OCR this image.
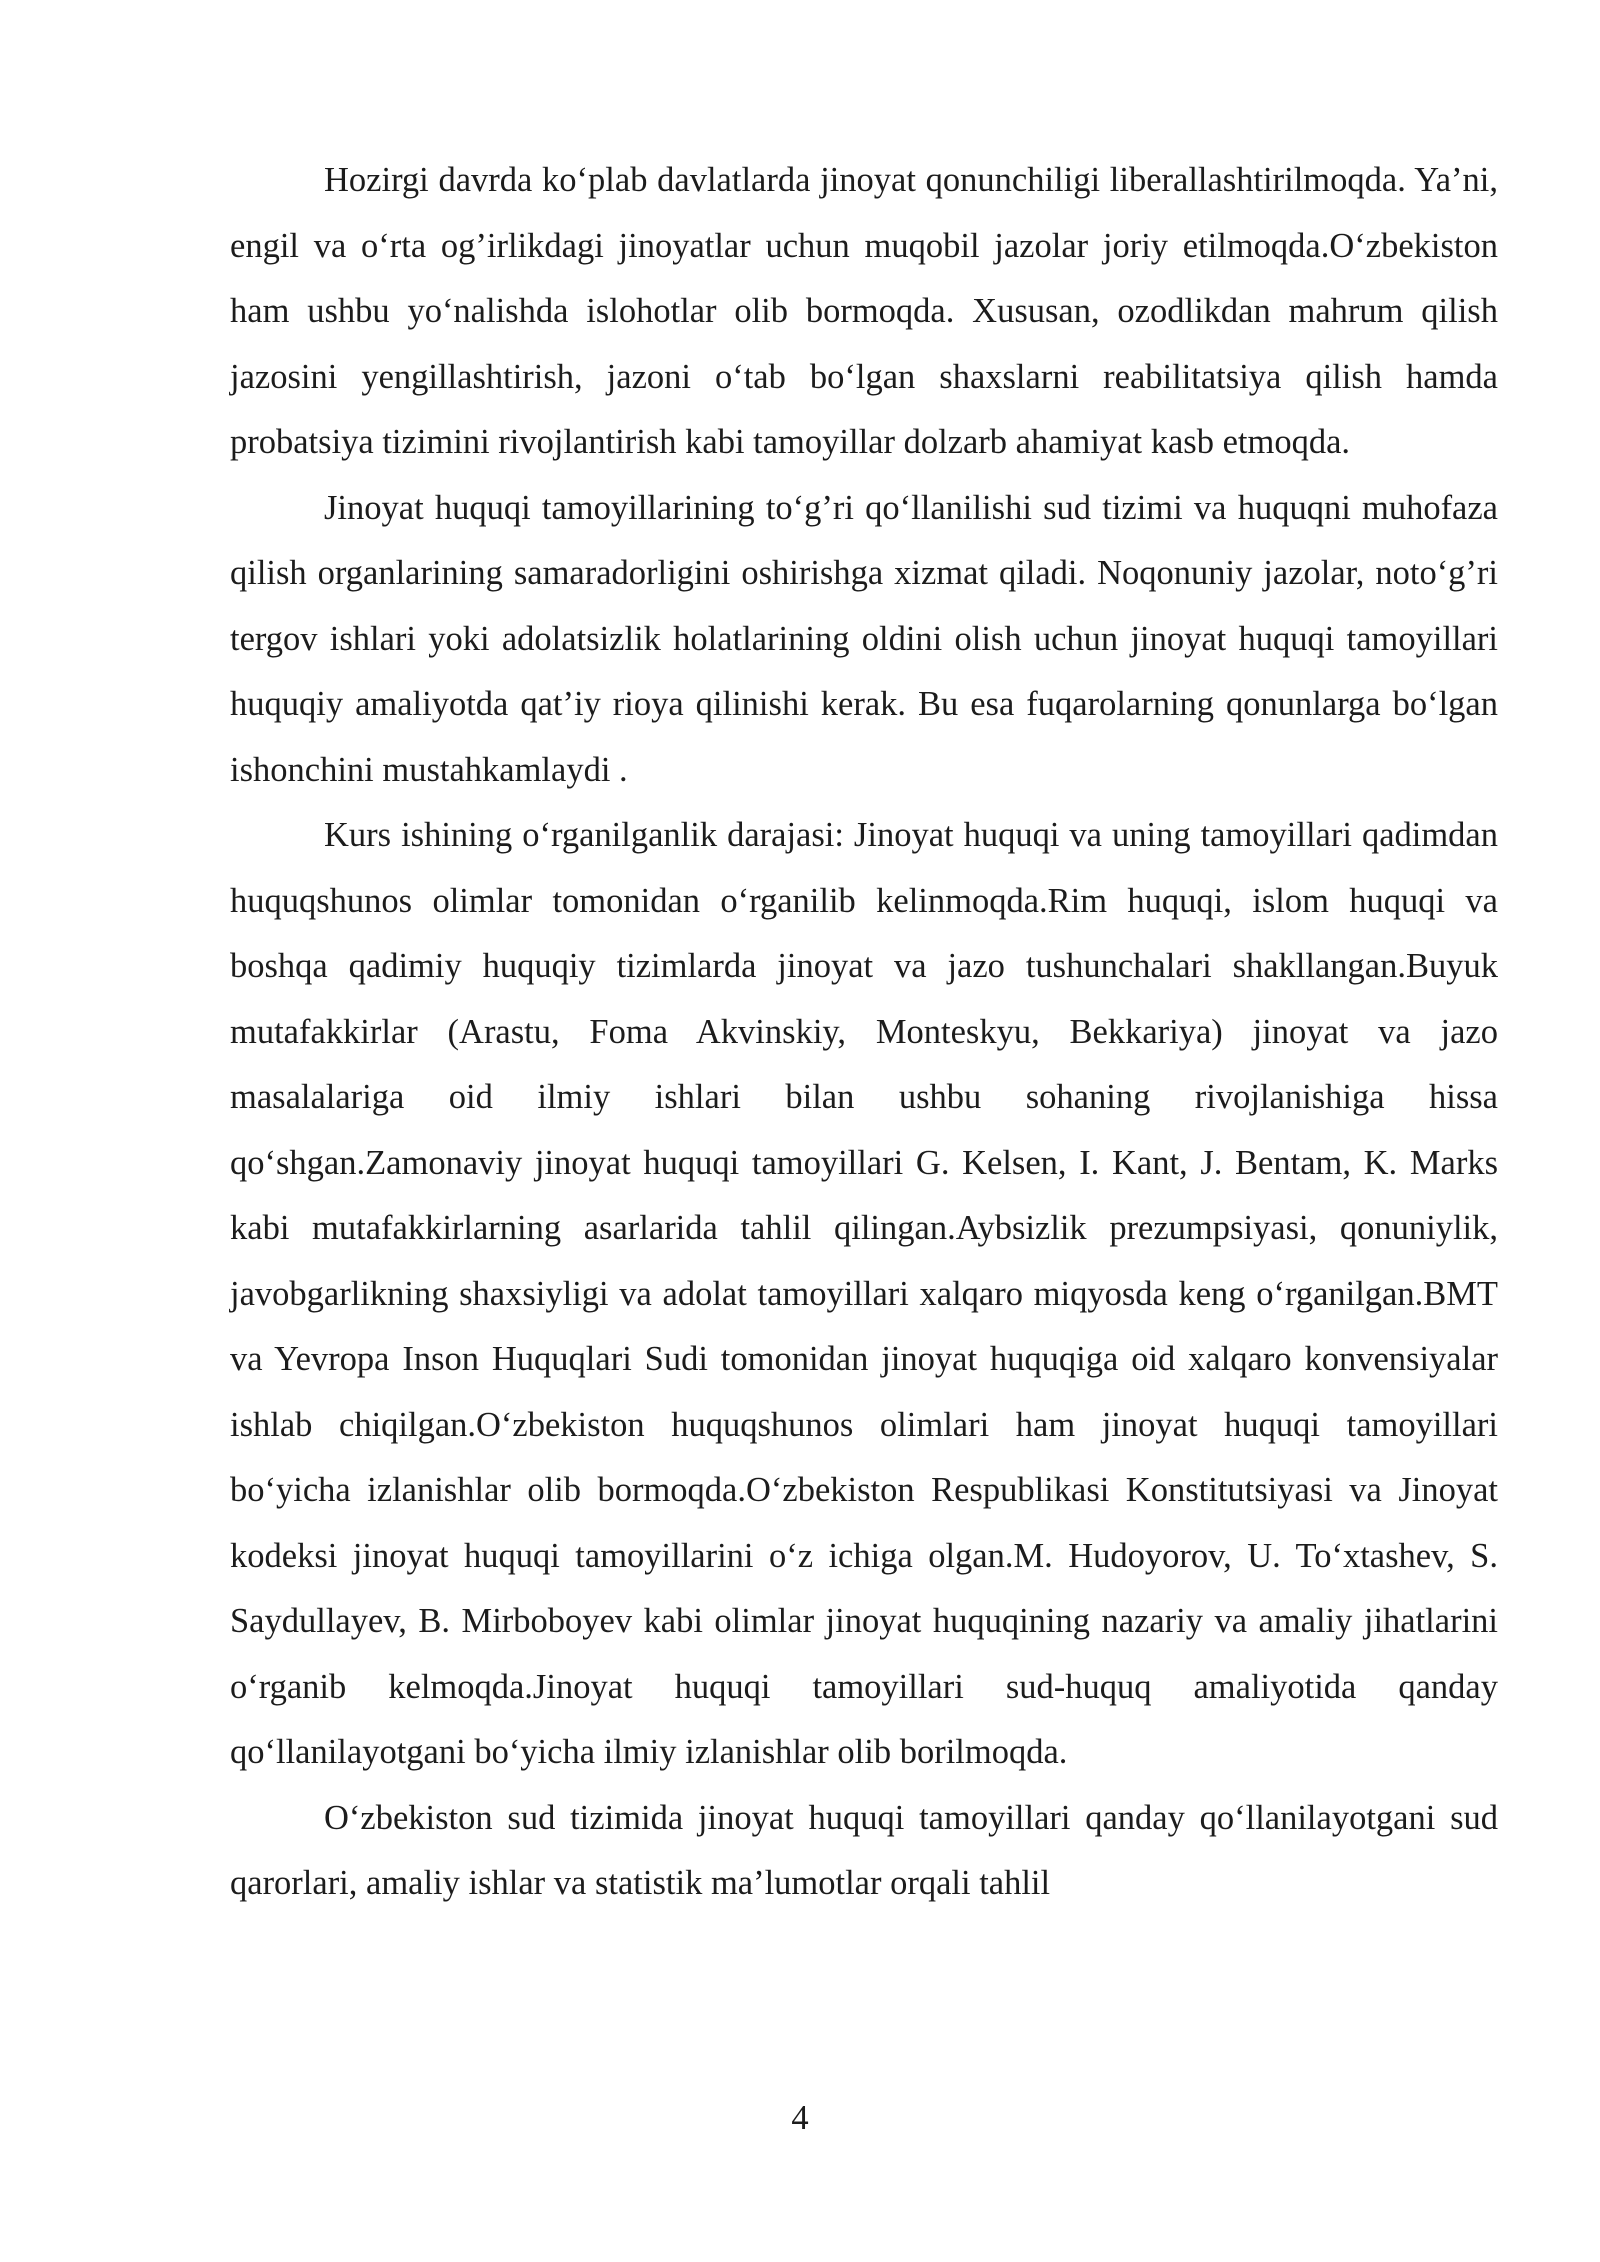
Hozirgi davrda ko‘plab davlatlarda jinoyat qonunchiligi liberallashtirilmoqda. Ya’ni, engil va o‘rta og’irlikdagi jinoyatlar uchun muqobil jazolar joriy etilmoqda.O‘zbekiston ham ushbu yo‘nalishda islohotlar olib bormoqda. Xususan, ozodlikdan mahrum qilish jazosini yengillashtirish, jazoni o‘tab bo‘lgan shaxslarni reabilitatsiya qilish hamda probatsiya tizimini rivojlantirish kabi tamoyillar dolzarb ahamiyat kasb etmoqda.

Jinoyat huquqi tamoyillarining to‘g’ri qo‘llanilishi sud tizimi va huquqni muhofaza qilish organlarining samaradorligini oshirishga xizmat qiladi. Noqonuniy jazolar, noto‘g’ri tergov ishlari yoki adolatsizlik holatlarining oldini olish uchun jinoyat huquqi tamoyillari huquqiy amaliyotda qat’iy rioya qilinishi kerak. Bu esa fuqarolarning qonunlarga bo‘lgan ishonchini mustahkamlaydi .

Kurs ishining o‘rganilganlik darajasi: Jinoyat huquqi va uning tamoyillari qadimdan huquqshunos olimlar tomonidan o‘rganilib kelinmoqda.Rim huquqi, islom huquqi va boshqa qadimiy huquqiy tizimlarda jinoyat va jazo tushunchalari shakllangan.Buyuk mutafakkirlar (Arastu, Foma Akvinskiy, Monteskyu, Bekkariya) jinoyat va jazo masalalariga oid ilmiy ishlari bilan ushbu sohaning rivojlanishiga hissa qo‘shgan.Zamonaviy jinoyat huquqi tamoyillari G. Kelsen, I. Kant, J. Bentam, K. Marks kabi mutafakkirlarning asarlarida tahlil qilingan.Aybsizlik prezumpsiyasi, qonuniylik, javobgarlikning shaxsiyligi va adolat tamoyillari xalqaro miqyosda keng o‘rganilgan.BMT va Yevropa Inson Huquqlari Sudi tomonidan jinoyat huquqiga oid xalqaro konvensiyalar ishlab chiqilgan.O‘zbekiston huquqshunos olimlari ham jinoyat huquqi tamoyillari bo‘yicha izlanishlar olib bormoqda.O‘zbekiston Respublikasi Konstitutsiyasi va Jinoyat kodeksi jinoyat huquqi tamoyillarini o‘z ichiga olgan.M. Hudoyorov, U. To‘xtashev, S. Saydullayev, B. Mirboboyev kabi olimlar jinoyat huquqining nazariy va amaliy jihatlarini o‘rganib kelmoqda.Jinoyat huquqi tamoyillari sud-huquq amaliyotida qanday qo‘llanilayotgani bo‘yicha ilmiy izlanishlar olib borilmoqda.

O‘zbekiston sud tizimida jinoyat huquqi tamoyillari qanday qo‘llanilayotgani sud qarorlari, amaliy ishlar va statistik ma’lumotlar orqali tahlil

4
